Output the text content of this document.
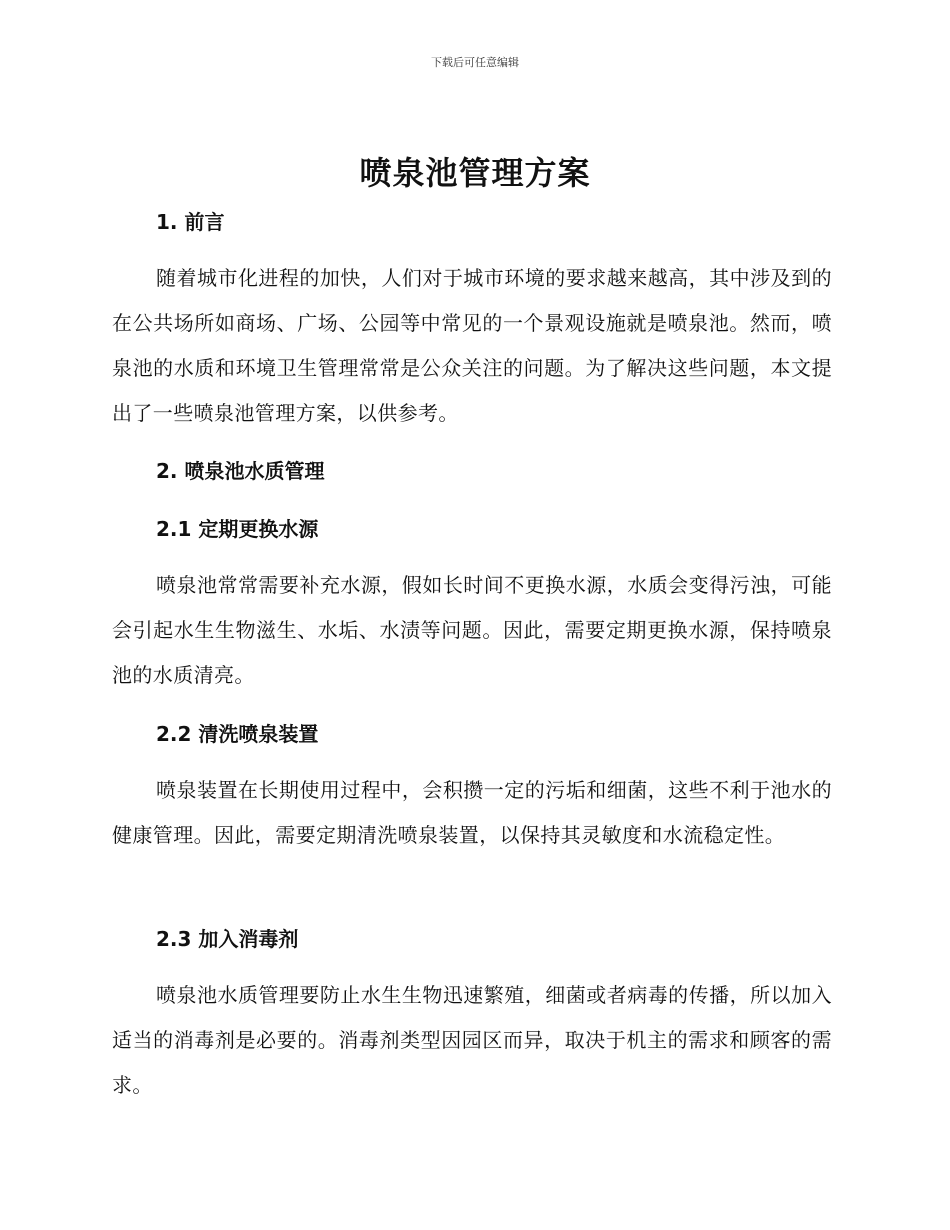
下载后可任意编辑
喷泉池管理方案
1. 前言

随着城市化进程的加快，人们对于城市环境的要求越来越高，其中涉及到的在公共场所如商场、广场、公园等中常见的一个景观设施就是喷泉池。然而，喷泉池的水质和环境卫生管理常常是公众关注的问题。为了解决这些问题，本文提出了一些喷泉池管理方案，以供参考。

2. 喷泉池水质管理
2.1 定期更换水源

喷泉池常常需要补充水源，假如长时间不更换水源，水质会变得污浊，可能会引起水生生物滋生、水垢、水渍等问题。因此，需要定期更换水源，保持喷泉池的水质清亮。

2.2 清洗喷泉装置

喷泉装置在长期使用过程中，会积攒一定的污垢和细菌，这些不利于池水的健康管理。因此，需要定期清洗喷泉装置，以保持其灵敏度和水流稳定性。

2.3 加入消毒剂

喷泉池水质管理要防止水生生物迅速繁殖，细菌或者病毒的传播，所以加入适当的消毒剂是必要的。消毒剂类型因园区而异，取决于机主的需求和顾客的需求。
